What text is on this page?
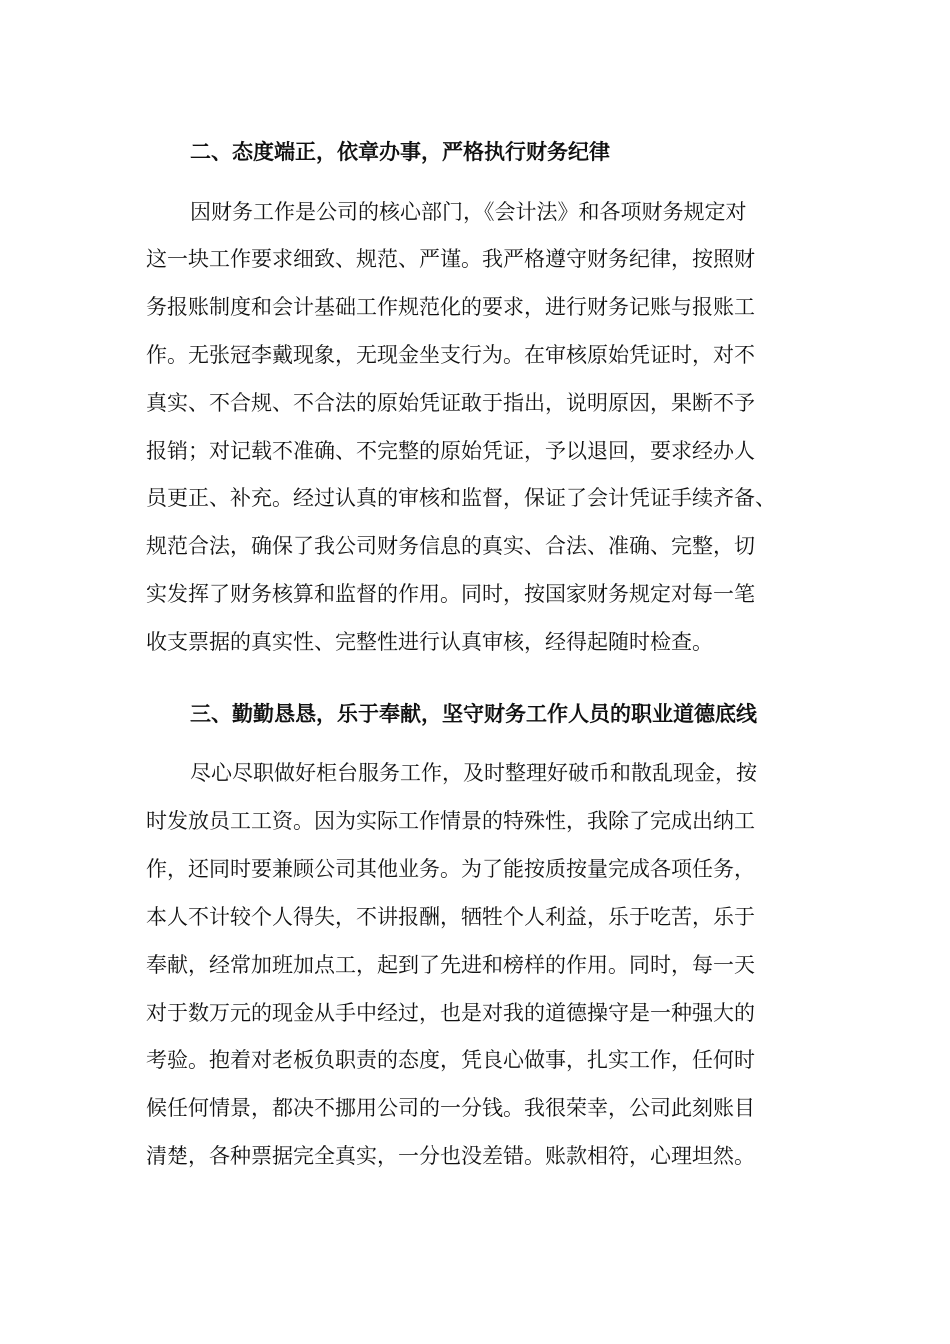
二、态度端正，依章办事，严格执行财务纪律
因财务工作是公司的核心部门，《会计法》和各项财务规定对
这一块工作要求细致、规范、严谨。我严格遵守财务纪律，按照财
务报账制度和会计基础工作规范化的要求，进行财务记账与报账工
作。无张冠李戴现象，无现金坐支行为。在审核原始凭证时，对不
真实、不合规、不合法的原始凭证敢于指出，说明原因，果断不予
报销；对记载不准确、不完整的原始凭证，予以退回，要求经办人
员更正、补充。经过认真的审核和监督，保证了会计凭证手续齐备、
规范合法，确保了我公司财务信息的真实、合法、准确、完整，切
实发挥了财务核算和监督的作用。同时，按国家财务规定对每一笔
收支票据的真实性、完整性进行认真审核，经得起随时检查。
三、勤勤恳恳，乐于奉献，坚守财务工作人员的职业道德底线
尽心尽职做好柜台服务工作，及时整理好破币和散乱现金，按
时发放员工工资。因为实际工作情景的特殊性，我除了完成出纳工
作，还同时要兼顾公司其他业务。为了能按质按量完成各项任务，
本人不计较个人得失，不讲报酬，牺牲个人利益，乐于吃苦，乐于
奉献，经常加班加点工，起到了先进和榜样的作用。同时，每一天
对于数万元的现金从手中经过，也是对我的道德操守是一种强大的
考验。抱着对老板负职责的态度，凭良心做事，扎实工作，任何时
候任何情景，都决不挪用公司的一分钱。我很荣幸，公司此刻账目
清楚，各种票据完全真实，一分也没差错。账款相符，心理坦然。
